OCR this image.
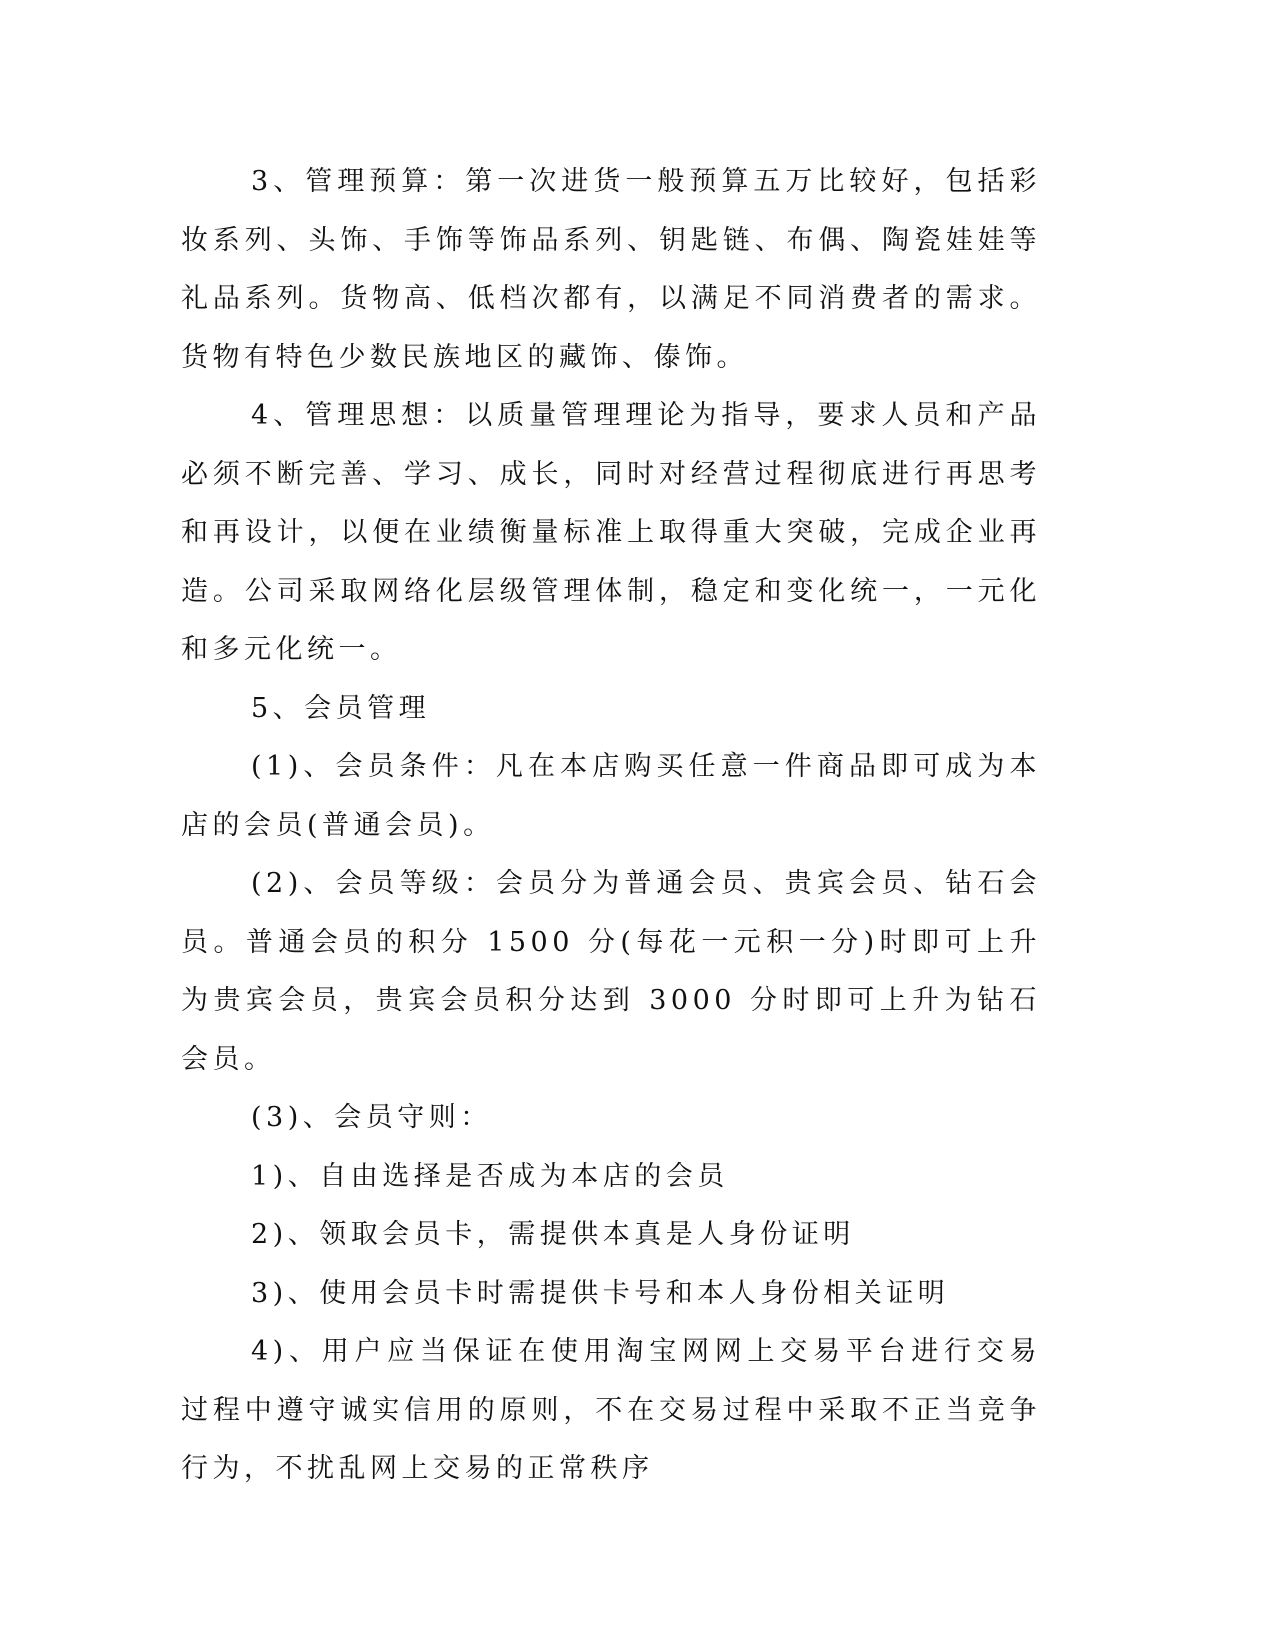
3、管理预算：第一次进货一般预算五万比较好，包括彩妆系列、头饰、手饰等饰品系列、钥匙链、布偶、陶瓷娃娃等礼品系列。货物高、低档次都有，以满足不同消费者的需求。货物有特色少数民族地区的藏饰、傣饰。

4、管理思想：以质量管理理论为指导，要求人员和产品必须不断完善、学习、成长，同时对经营过程彻底进行再思考和再设计，以便在业绩衡量标准上取得重大突破，完成企业再造。公司采取网络化层级管理体制，稳定和变化统一，一元化和多元化统一。

5、会员管理

(1)、会员条件：凡在本店购买任意一件商品即可成为本店的会员(普通会员)。

(2)、会员等级：会员分为普通会员、贵宾会员、钻石会员。普通会员的积分 1500 分(每花一元积一分)时即可上升为贵宾会员，贵宾会员积分达到 3000 分时即可上升为钻石会员。

(3)、会员守则：

1)、自由选择是否成为本店的会员

2)、领取会员卡，需提供本真是人身份证明

3)、使用会员卡时需提供卡号和本人身份相关证明

4)、用户应当保证在使用淘宝网网上交易平台进行交易过程中遵守诚实信用的原则，不在交易过程中采取不正当竞争行为，不扰乱网上交易的正常秩序
